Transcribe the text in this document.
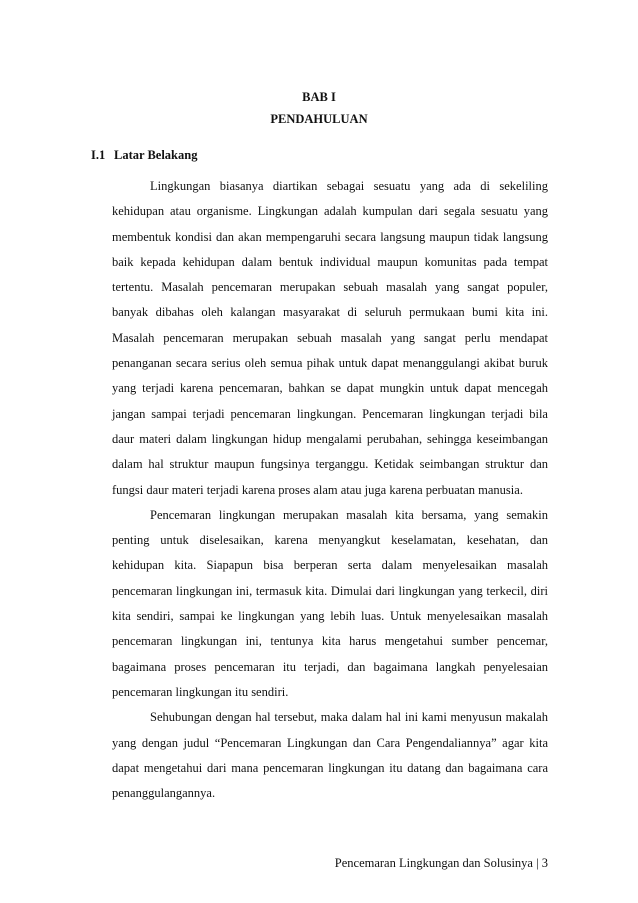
BAB I
PENDAHULUAN
I.1 Latar Belakang

Lingkungan biasanya diartikan sebagai sesuatu yang ada di sekeliling kehidupan atau organisme. Lingkungan adalah kumpulan dari segala sesuatu yang membentuk kondisi dan akan mempengaruhi secara langsung maupun tidak langsung baik kepada kehidupan dalam bentuk individual maupun komunitas pada tempat tertentu. Masalah pencemaran merupakan sebuah masalah yang sangat populer, banyak dibahas oleh kalangan masyarakat di seluruh permukaan bumi kita ini. Masalah pencemaran merupakan sebuah masalah yang sangat perlu mendapat penanganan secara serius oleh semua pihak untuk dapat menanggulangi akibat buruk yang terjadi karena pencemaran, bahkan se dapat mungkin untuk dapat mencegah jangan sampai terjadi pencemaran lingkungan. Pencemaran lingkungan terjadi bila daur materi dalam lingkungan hidup mengalami perubahan, sehingga keseimbangan dalam hal struktur maupun fungsinya terganggu. Ketidak seimbangan struktur dan fungsi daur materi terjadi karena proses alam atau juga karena perbuatan manusia.

Pencemaran lingkungan merupakan masalah kita bersama, yang semakin penting untuk diselesaikan, karena menyangkut keselamatan, kesehatan, dan kehidupan kita. Siapapun bisa berperan serta dalam menyelesaikan masalah pencemaran lingkungan ini, termasuk kita. Dimulai dari lingkungan yang terkecil, diri kita sendiri, sampai ke lingkungan yang lebih luas. Untuk menyelesaikan masalah pencemaran lingkungan ini, tentunya kita harus mengetahui sumber pencemar, bagaimana proses pencemaran itu terjadi, dan bagaimana langkah penyelesaian pencemaran lingkungan itu sendiri.

Sehubungan dengan hal tersebut, maka dalam hal ini kami menyusun makalah yang dengan judul “Pencemaran Lingkungan dan Cara Pengendaliannya” agar kita dapat mengetahui dari mana pencemaran lingkungan itu datang dan bagaimana cara penanggulangannya.

Pencemaran Lingkungan dan Solusinya | 3
